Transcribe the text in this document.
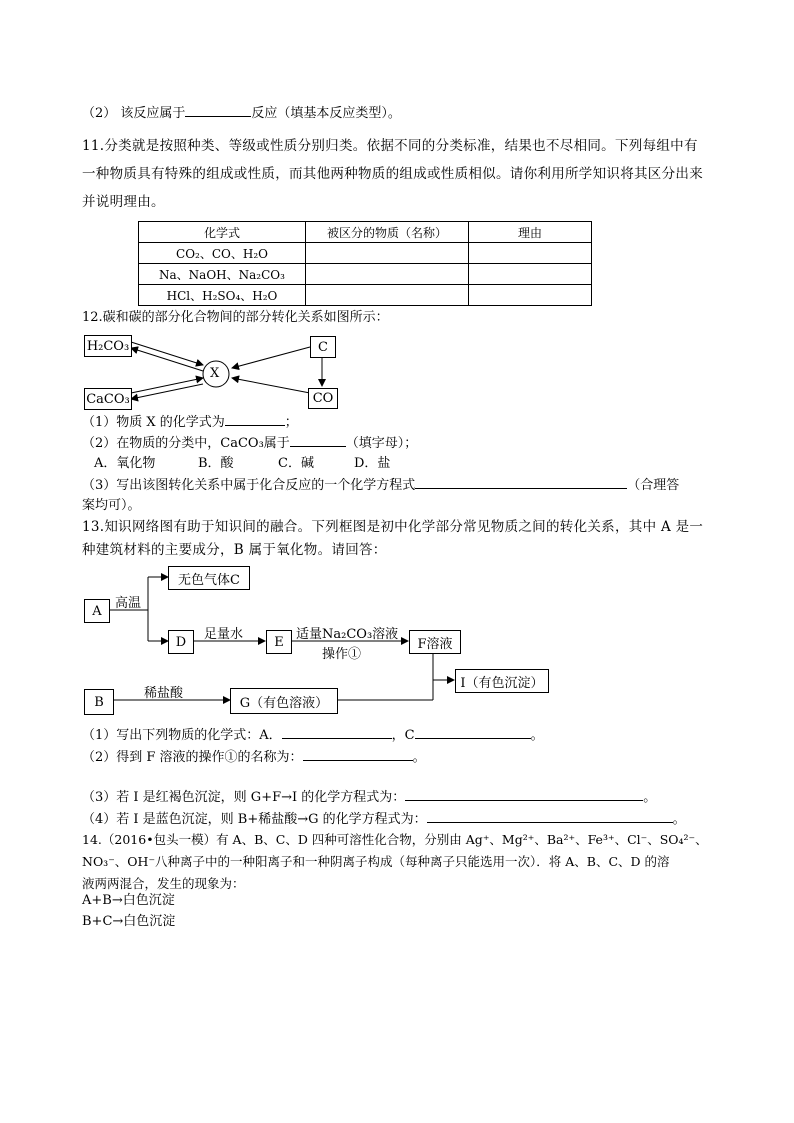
（2） 该反应属于	反应（填基本反应类型）。
11.分类就是按照种类、等级或性质分别归类。依据不同的分类标准，结果也不尽相同。下列每组中有
一种物质具有特殊的组成或性质，而其他两种物质的组成或性质相似。请你利用所学知识将其区分出来
并说明理由。
化学式	被区分的物质（名称）	理由
CO₂、CO、H₂O		
Na、NaOH、Na₂CO₃		
HCl、H₂SO₄、H₂O		
12.碳和碳的部分化合物间的部分转化关系如图所示：
H₂CO₃
CaCO₃
X
C
CO
（1）物质 X 的化学式为	；
（2）在物质的分类中，CaCO₃属于	（填字母）；
A．氧化物	B．酸	C．碱	D．盐
（3）写出该图转化关系中属于化合反应的一个化学方程式	（合理答
案均可）。
13.知识网络图有助于知识间的融合。下列框图是初中化学部分常见物质之间的转化关系，其中 A 是一
种建筑材料的主要成分，B 属于氧化物。请回答：
A
无色气体C
D	E	F溶液
I（有色沉淀）
B	G（有色溶液）
高温
足量水	适量Na₂CO₃溶液
操作①
稀盐酸
（1）写出下列物质的化学式：A．	，C	。
（2）得到 F 溶液的操作①的名称为：	。
（3）若 I 是红褐色沉淀，则 G+F→I 的化学方程式为：	。
（4）若 I 是蓝色沉淀，则 B+稀盐酸→G 的化学方程式为：	。
14.（2016•包头一模）有 A、B、C、D 四种可溶性化合物，分别由 Ag⁺、Mg²⁺、Ba²⁺、Fe³⁺、Cl⁻、SO₄²⁻、
NO₃⁻、OH⁻八种离子中的一种阳离子和一种阴离子构成（每种离子只能选用一次）．将 A、B、C、D 的溶
液两两混合，发生的现象为：
A+B→白色沉淀
B+C→白色沉淀
